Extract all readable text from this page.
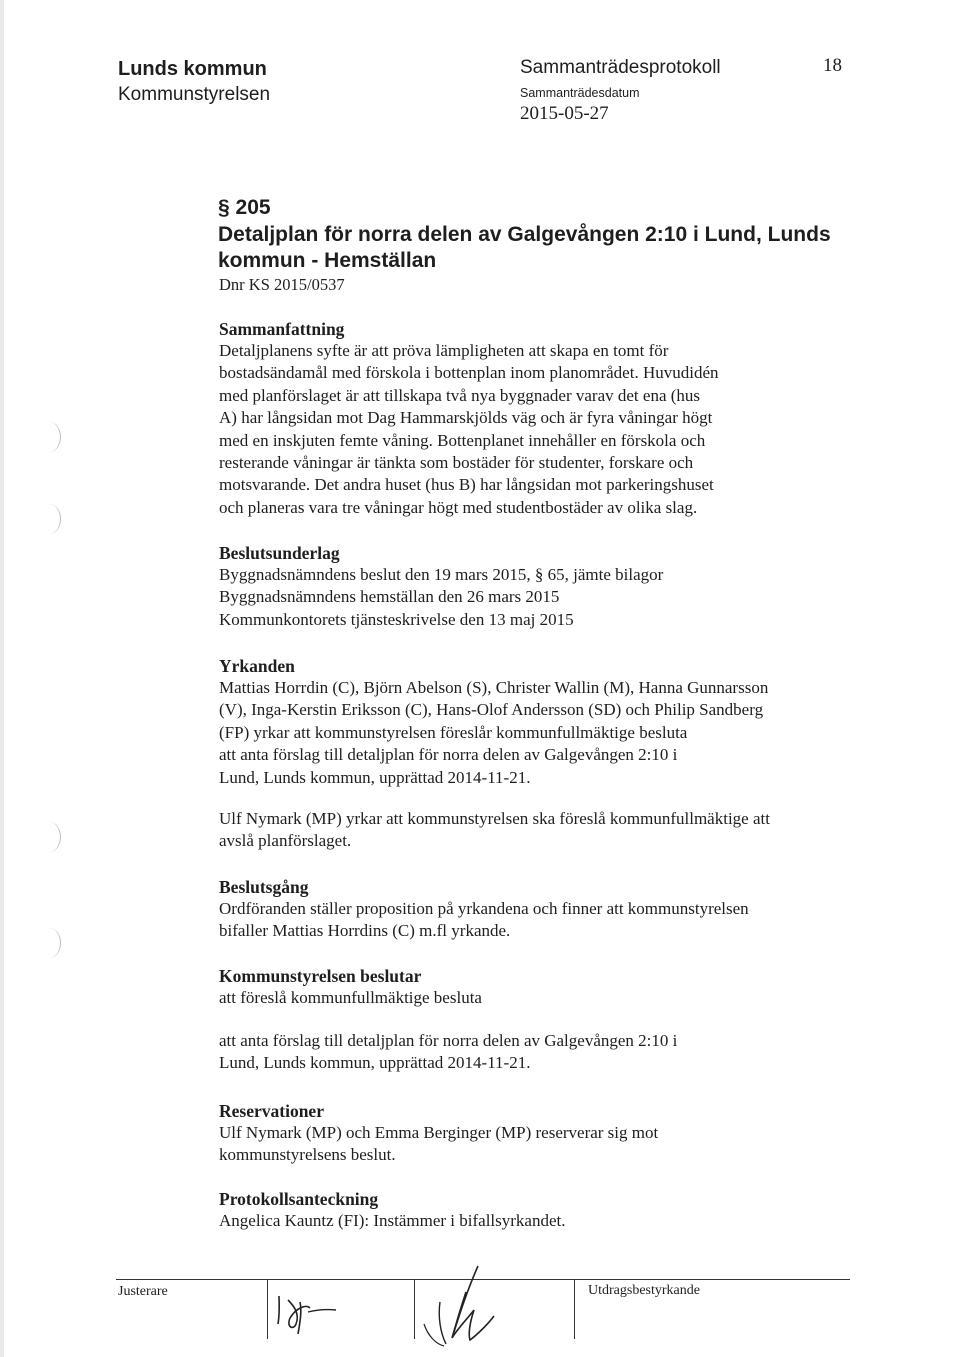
Lunds kommun

Kommunstyrelsen

Sammanträdesprotokoll

Sammanträdesdatum

2015-05-27

18

§ 205

Detaljplan för norra delen av Galgevången 2:10 i Lund, Lunds kommun - Hemställan

Dnr KS 2015/0537

Sammanfattning
Detaljplanens syfte är att pröva lämpligheten att skapa en tomt för
bostadsändamål med förskola i bottenplan inom planområdet. Huvudidén
med planförslaget är att tillskapa två nya byggnader varav det ena (hus
A) har långsidan mot Dag Hammarskjölds väg och är fyra våningar högt
med en inskjuten femte våning. Bottenplanet innehåller en förskola och
resterande våningar är tänkta som bostäder för studenter, forskare och
motsvarande. Det andra huset (hus B) har långsidan mot parkeringshuset
och planeras vara tre våningar högt med studentbostäder av olika slag.
Beslutsunderlag
Byggnadsnämndens beslut den 19 mars 2015, § 65, jämte bilagor
Byggnadsnämndens hemställan den 26 mars 2015
Kommunkontorets tjänsteskrivelse den 13 maj 2015
Yrkanden
Mattias Horrdin (C), Björn Abelson (S), Christer Wallin (M), Hanna Gunnarsson
(V), Inga-Kerstin Eriksson (C), Hans-Olof Andersson (SD) och Philip Sandberg
(FP) yrkar att kommunstyrelsen föreslår kommunfullmäktige besluta
att anta förslag till detaljplan för norra delen av Galgevången 2:10 i
Lund, Lunds kommun, upprättad 2014-11-21.
Ulf Nymark (MP) yrkar att kommunstyrelsen ska föreslå kommunfullmäktige att
avslå planförslaget.
Beslutsgång
Ordföranden ställer proposition på yrkandena och finner att kommunstyrelsen
bifaller Mattias Horrdins (C) m.fl yrkande.
Kommunstyrelsen beslutar
att föreslå kommunfullmäktige besluta
att anta förslag till detaljplan för norra delen av Galgevången 2:10 i
Lund, Lunds kommun, upprättad 2014-11-21.
Reservationer
Ulf Nymark (MP) och Emma Berginger (MP) reserverar sig mot
kommunstyrelsens beslut.
Protokollsanteckning
Angelica Kauntz (FI): Instämmer i bifallsyrkandet.

Justerare	Utdragsbestyrkande
